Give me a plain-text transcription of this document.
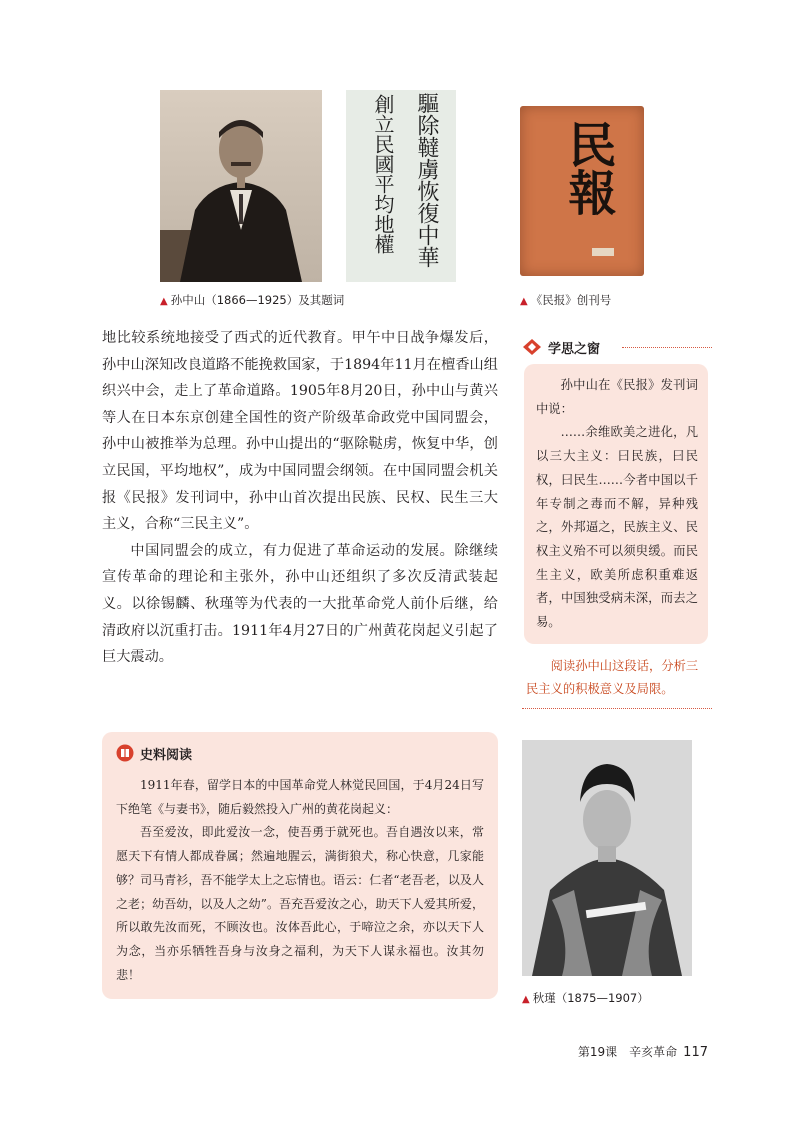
驅除韃虜恢復中華
創立民國平均地權
▲ 孙中山（1866—1925）及其题词
民報
▲ 《民报》创刊号

地比较系统地接受了西式的近代教育。甲午中日战争爆发后，孙中山深知改良道路不能挽救国家，于1894年11月在檀香山组织兴中会，走上了革命道路。1905年8月20日，孙中山与黄兴等人在日本东京创建全国性的资产阶级革命政党中国同盟会，孙中山被推举为总理。孙中山提出的“驱除鞑虏，恢复中华，创立民国，平均地权”，成为中国同盟会纲领。在中国同盟会机关报《民报》发刊词中，孙中山首次提出民族、民权、民生三大主义，合称“三民主义”。

中国同盟会的成立，有力促进了革命运动的发展。除继续宣传革命的理论和主张外，孙中山还组织了多次反清武装起义。以徐锡麟、秋瑾等为代表的一大批革命党人前仆后继，给清政府以沉重打击。1911年4月27日的广州黄花岗起义引起了巨大震动。

学思之窗

孙中山在《民报》发刊词中说：

……余维欧美之进化，凡以三大主义：曰民族，曰民权，曰民生……今者中国以千年专制之毒而不解，异种残之，外邦逼之，民族主义、民权主义殆不可以须臾缓。而民生主义，欧美所虑积重难返者，中国独受病未深，而去之易。

阅读孙中山这段话，分析三民主义的积极意义及局限。
史料阅读

1911年春，留学日本的中国革命党人林觉民回国，于4月24日写下绝笔《与妻书》，随后毅然投入广州的黄花岗起义：

吾至爱汝，即此爱汝一念，使吾勇于就死也。吾自遇汝以来，常愿天下有情人都成眷属；然遍地腥云，满街狼犬，称心快意，几家能够？司马青衫，吾不能学太上之忘情也。语云：仁者“老吾老，以及人之老；幼吾幼，以及人之幼”。吾充吾爱汝之心，助天下人爱其所爱，所以敢先汝而死，不顾汝也。汝体吾此心，于啼泣之余，亦以天下人为念，当亦乐牺牲吾身与汝身之福利，为天下人谋永福也。汝其勿悲！

▲ 秋瑾（1875—1907）
第19课　辛亥革命 117
